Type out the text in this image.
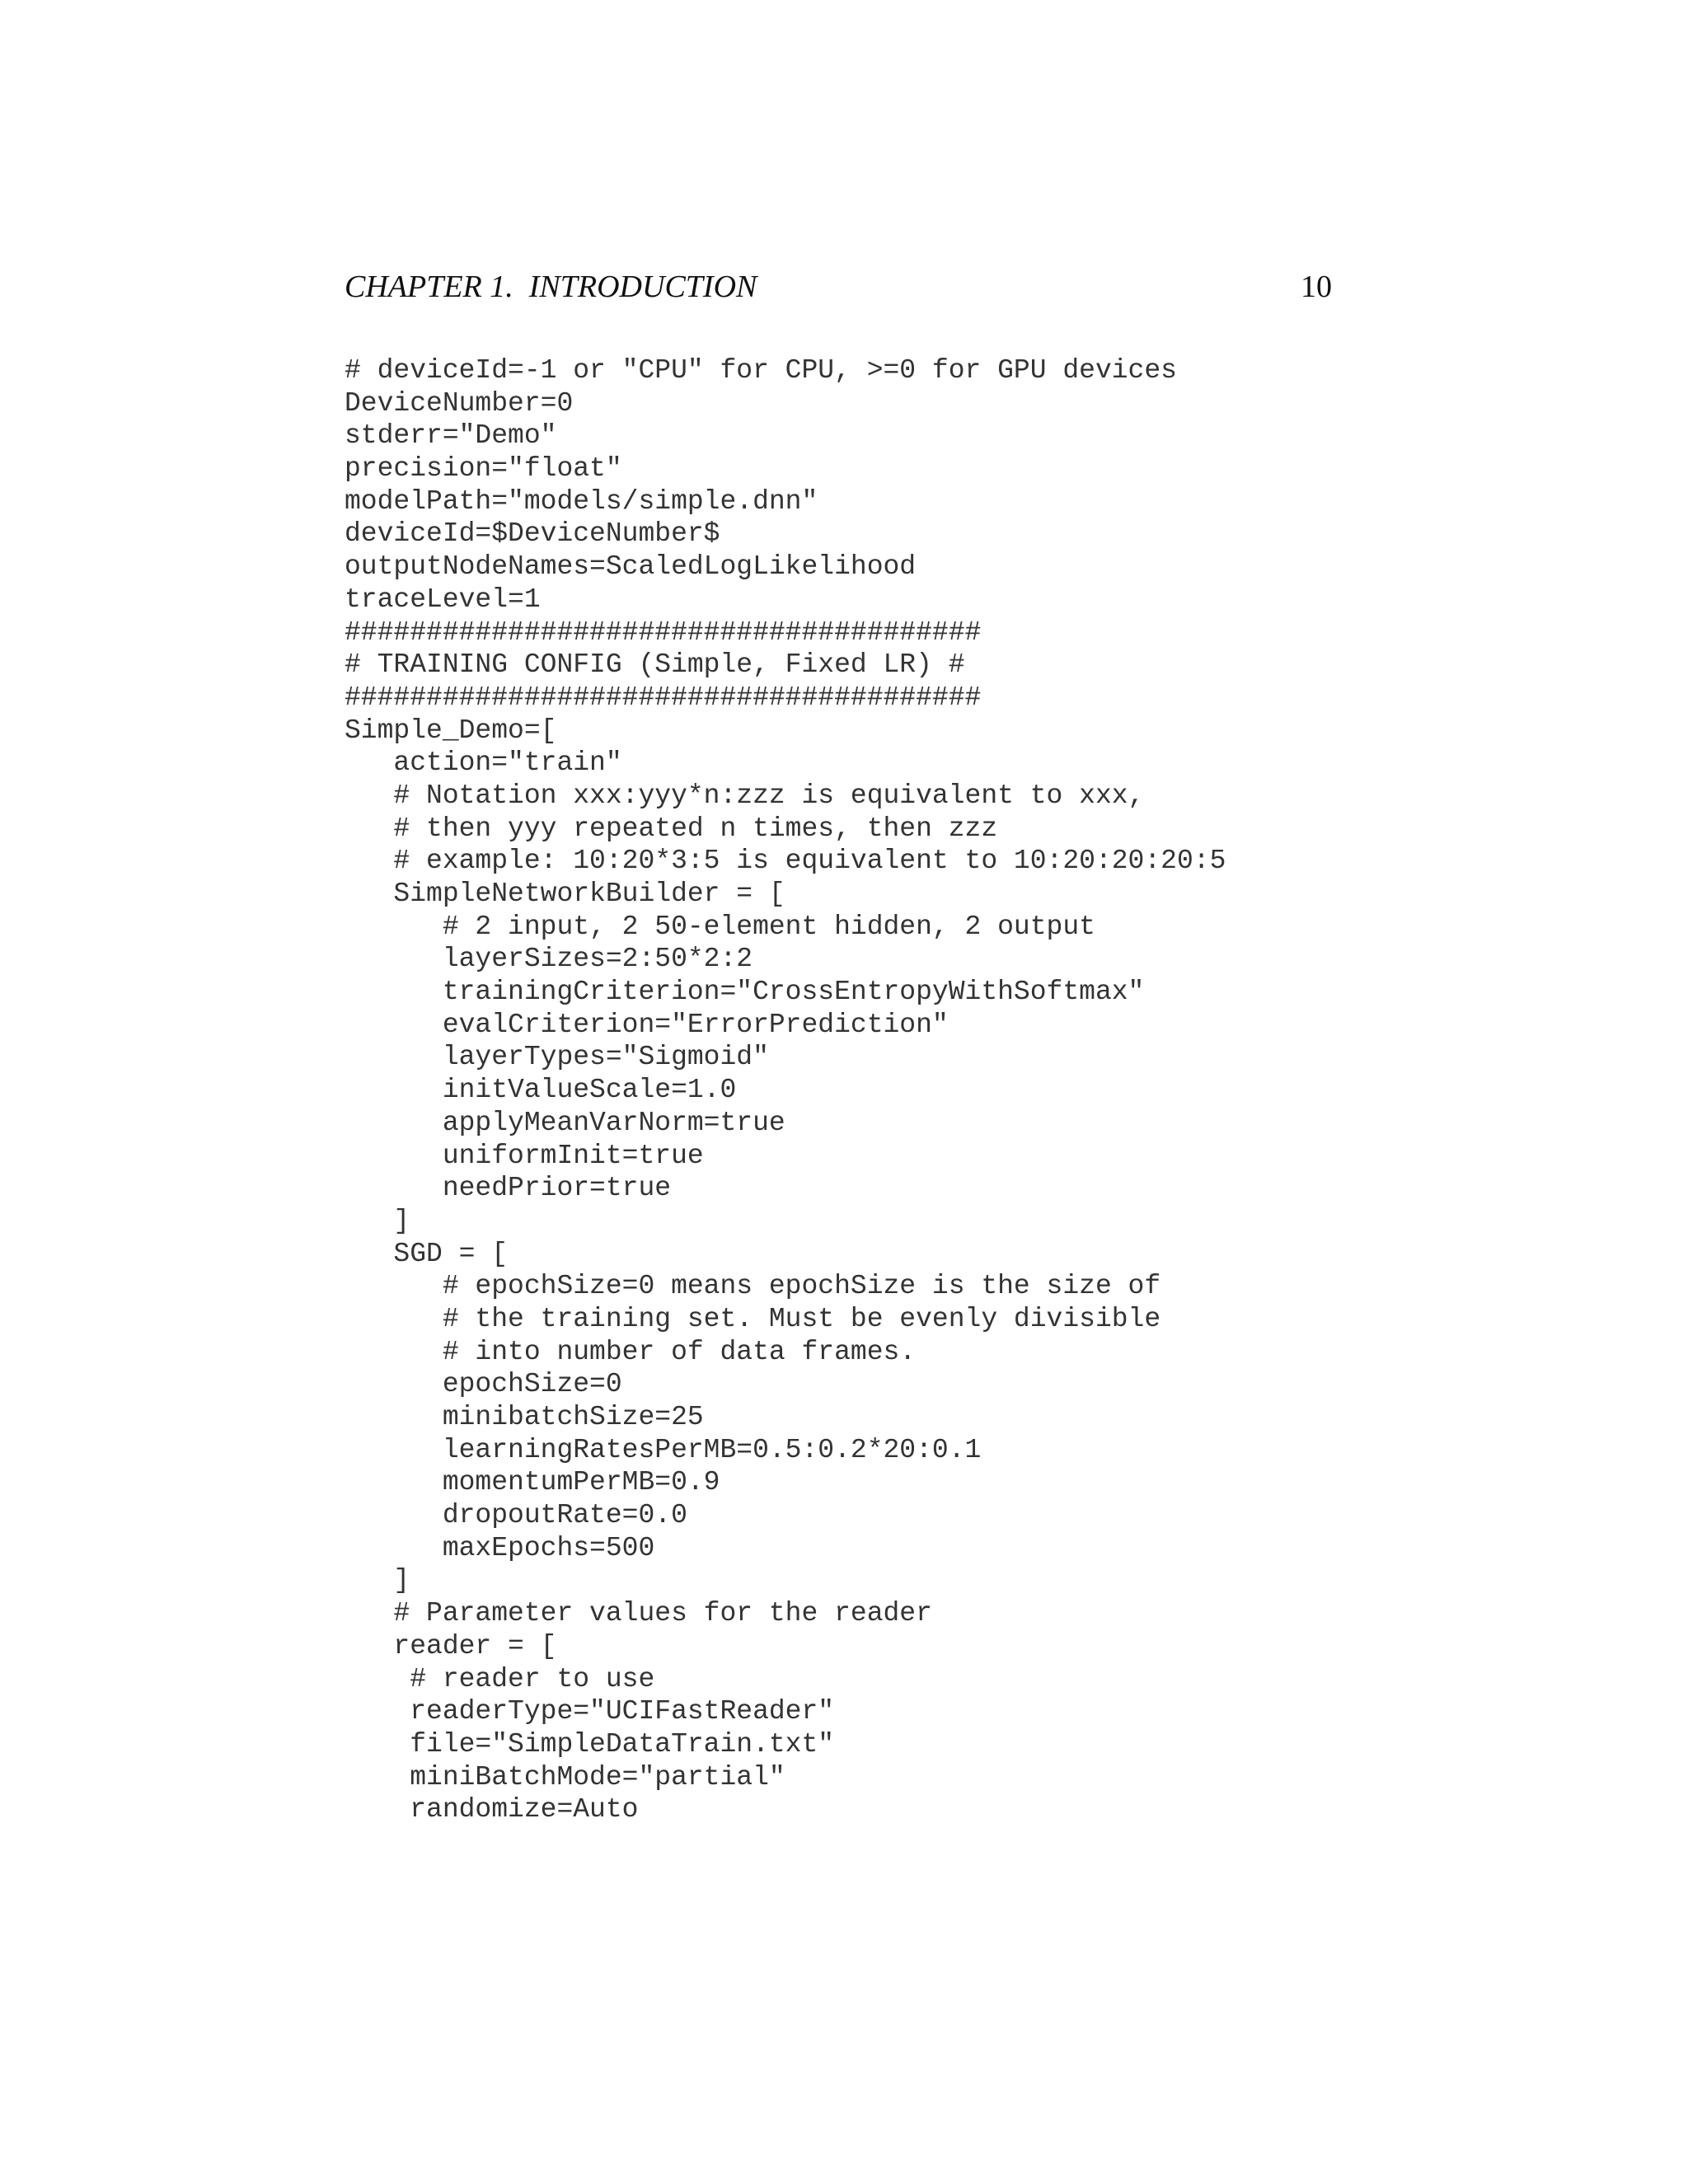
CHAPTER 1.  INTRODUCTION	10
# deviceId=-1 or "CPU" for CPU, >=0 for GPU devices
DeviceNumber=0
stderr="Demo"
precision="float"
modelPath="models/simple.dnn"
deviceId=$DeviceNumber$
outputNodeNames=ScaledLogLikelihood
traceLevel=1
#######################################
# TRAINING CONFIG (Simple, Fixed LR) #
#######################################
Simple_Demo=[
action="train"
# Notation xxx:yyy*n:zzz is equivalent to xxx,
# then yyy repeated n times, then zzz
# example: 10:20*3:5 is equivalent to 10:20:20:20:5
SimpleNetworkBuilder = [
# 2 input, 2 50-element hidden, 2 output
layerSizes=2:50*2:2
trainingCriterion="CrossEntropyWithSoftmax"
evalCriterion="ErrorPrediction"
layerTypes="Sigmoid"
initValueScale=1.0
applyMeanVarNorm=true
uniformInit=true
needPrior=true
]
SGD = [
# epochSize=0 means epochSize is the size of
# the training set. Must be evenly divisible
# into number of data frames.
epochSize=0
minibatchSize=25
learningRatesPerMB=0.5:0.2*20:0.1
momentumPerMB=0.9
dropoutRate=0.0
maxEpochs=500
]
# Parameter values for the reader
reader = [
# reader to use
readerType="UCIFastReader"
file="SimpleDataTrain.txt"
miniBatchMode="partial"
randomize=Auto
